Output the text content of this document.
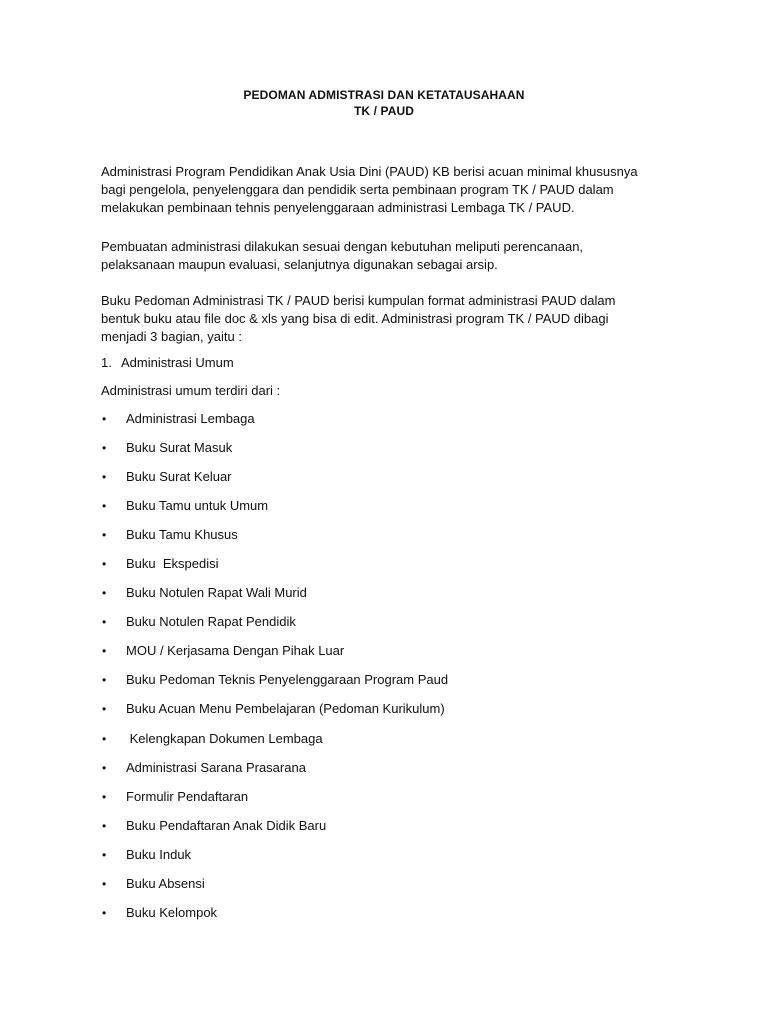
PEDOMAN ADMISTRASI DAN KETATAUSAHAAN
TK / PAUD
Administrasi Program Pendidikan Anak Usia Dini (PAUD) KB berisi acuan minimal khususnya
bagi pengelola, penyelenggara dan pendidik serta pembinaan program TK / PAUD dalam
melakukan pembinaan tehnis penyelenggaraan administrasi Lembaga TK / PAUD.
Pembuatan administrasi dilakukan sesuai dengan kebutuhan meliputi perencanaan,
pelaksanaan maupun evaluasi, selanjutnya digunakan sebagai arsip.
Buku Pedoman Administrasi TK / PAUD berisi kumpulan format administrasi PAUD dalam
bentuk buku atau file doc & xls yang bisa di edit. Administrasi program TK / PAUD dibagi
menjadi 3 bagian, yaitu :
1. Administrasi Umum
Administrasi umum terdiri dari :
• Administrasi Lembaga
• Buku Surat Masuk
• Buku Surat Keluar
• Buku Tamu untuk Umum
• Buku Tamu Khusus
• Buku  Ekspedisi
• Buku Notulen Rapat Wali Murid
• Buku Notulen Rapat Pendidik
• MOU / Kerjasama Dengan Pihak Luar
• Buku Pedoman Teknis Penyelenggaraan Program Paud
• Buku Acuan Menu Pembelajaran (Pedoman Kurikulum)
• Kelengkapan Dokumen Lembaga
• Administrasi Sarana Prasarana
• Formulir Pendaftaran
• Buku Pendaftaran Anak Didik Baru
• Buku Induk
• Buku Absensi
• Buku Kelompok
